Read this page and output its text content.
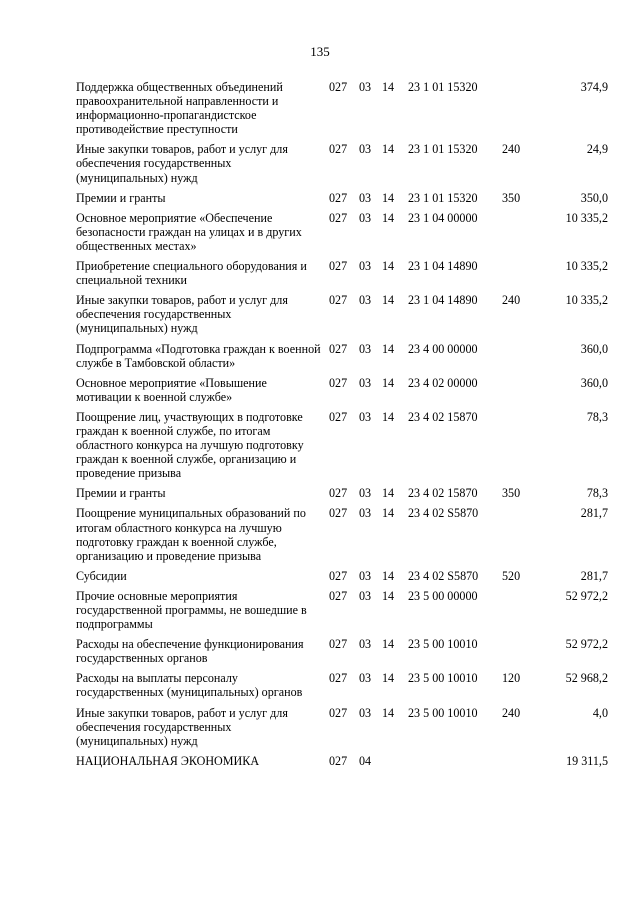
135
Поддержка общественных объединений правоохранительной направленности и информационно-пропагандистское противодействие преступности	027	03	14	23 1 01 15320		374,9
Иные закупки товаров, работ и услуг для обеспечения государственных (муниципальных) нужд	027	03	14	23 1 01 15320	240	24,9
Премии и гранты	027	03	14	23 1 01 15320	350	350,0
Основное мероприятие «Обеспечение безопасности граждан на улицах и в других общественных местах»	027	03	14	23 1 04 00000		10 335,2
Приобретение специального оборудования и специальной техники	027	03	14	23 1 04 14890		10 335,2
Иные закупки товаров, работ и услуг для обеспечения государственных (муниципальных) нужд	027	03	14	23 1 04 14890	240	10 335,2
Подпрограмма «Подготовка граждан к военной службе в Тамбовской области»	027	03	14	23 4 00 00000		360,0
Основное мероприятие «Повышение мотивации к военной службе»	027	03	14	23 4 02 00000		360,0
Поощрение лиц, участвующих в подготовке граждан к военной службе, по итогам областного конкурса на лучшую подготовку граждан к военной службе, организацию и проведение призыва	027	03	14	23 4 02 15870		78,3
Премии и гранты	027	03	14	23 4 02 15870	350	78,3
Поощрение муниципальных образований по итогам областного конкурса на лучшую подготовку граждан к военной службе, организацию и проведение призыва	027	03	14	23 4 02 S5870		281,7
Субсидии	027	03	14	23 4 02 S5870	520	281,7
Прочие основные мероприятия государственной программы, не вошедшие в подпрограммы	027	03	14	23 5 00 00000		52 972,2
Расходы на обеспечение функционирования государственных органов	027	03	14	23 5 00 10010		52 972,2
Расходы на выплаты персоналу государственных (муниципальных) органов	027	03	14	23 5 00 10010	120	52 968,2
Иные закупки товаров, работ и услуг для обеспечения государственных (муниципальных) нужд	027	03	14	23 5 00 10010	240	4,0
НАЦИОНАЛЬНАЯ ЭКОНОМИКА	027	04				19 311,5
